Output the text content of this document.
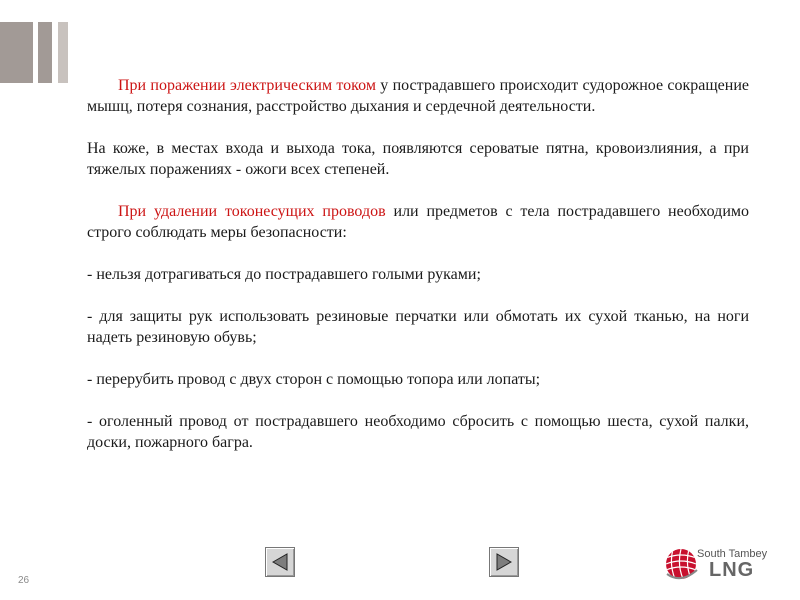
При поражении электрическим током у пострадавшего происходит судорожное сокращение мышц, потеря сознания, расстройство дыхания и сердечной деятельности.

На коже, в местах входа и выхода тока, появляются сероватые пятна, кровоизлияния, а при тяжелых поражениях - ожоги всех степеней.

При удалении токонесущих проводов или предметов с тела пострадавшего необходимо строго соблюдать меры безопасности:

- нельзя дотрагиваться до пострадавшего голыми руками;

- для защиты рук использовать резиновые перчатки или обмотать их сухой тканью, на ноги надеть резиновую обувь;

- перерубить провод с двух сторон с помощью топора или лопаты;

- оголенный провод от пострадавшего необходимо сбросить с помощью шеста, сухой палки, доски, пожарного багра.

26
South Tambey
LNG
